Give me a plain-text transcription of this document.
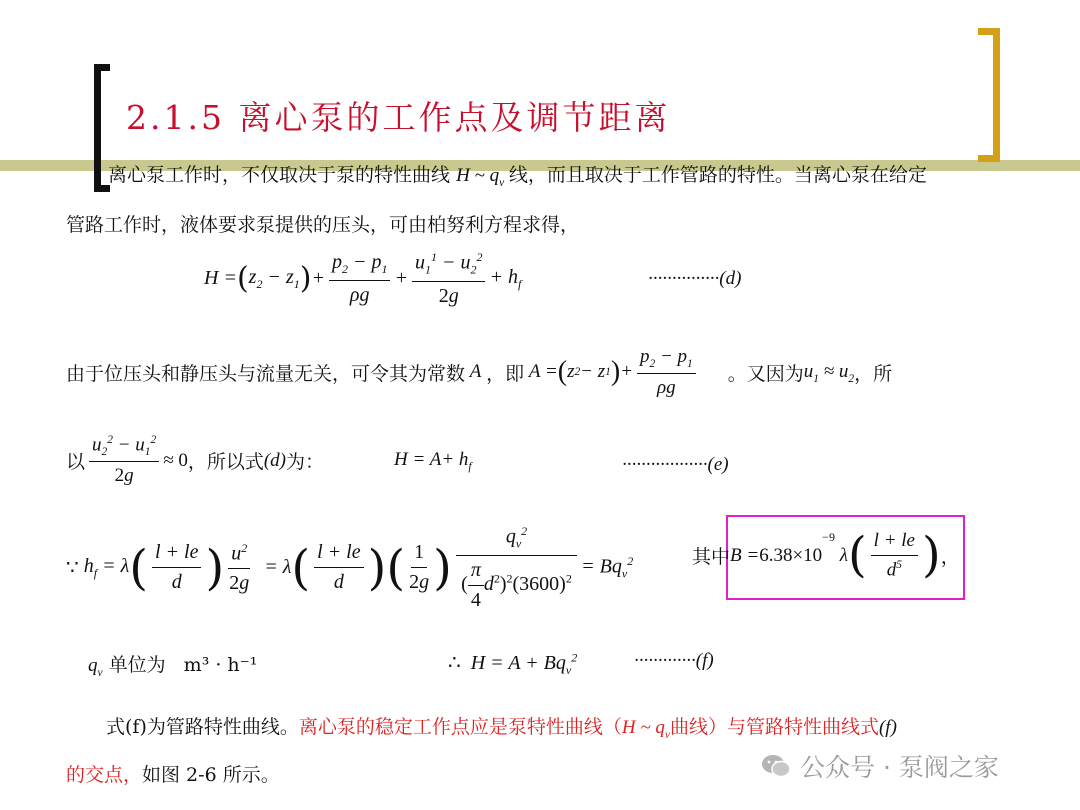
2.1.5 离心泵的工作点及调节距离
离心泵工作时，不仅取决于泵的特性曲线 H ~ $q_v$ 线，而且取决于工作管路的特性。当离心泵在给定
管路工作时，液体要求泵提供的压头，可由柏努利方程求得，
H = ( $z_2 - z_1$ ) + $\frac{p_2 - p_1}{\rho g} + \frac{u_1^1 - u_2^2}{2g} + h_f$	···············(d)
由于位压头和静压头与流量无关，可令其为常数 A ，即 A = ( z 2 − z 1 ) + $\frac{p_2 - p_1}{\rho g}$ 。又因为 $u_1 \approx u_2$ ，所
以 $\frac{u_2^2 - u_1^2}{2g} \approx 0$ ，所以式 (d) 为：	$H = A+ h_f$	··················(e)
∵
$h_f = \lambda$ ( $\frac{l + le}{d}$ ) $\frac{u^2}{2g} = \lambda$ ( $\frac{l + le}{d}$ ) ( $\frac{1}{2g}$ ) $\frac{q_v^2}{( \frac{\pi}{4} d^2)^2(3600)^2} = Bq_v^2$	其中 B = 6.38×10
$^{-9}$
λ ( $\frac{l + le}{d^5}$ ) ，
$q_v$ 单位为 m³ · h⁻¹	∴  $H = A + Bq_v^2$	·············(f)
式(f)为管路特性曲线。离心泵的稳定工作点应是泵特性曲线（H ~ $q_v$曲线）与管路特性曲线式(f)
的交点，如图 2-6 所示。	公众号 · 泵阀之家
